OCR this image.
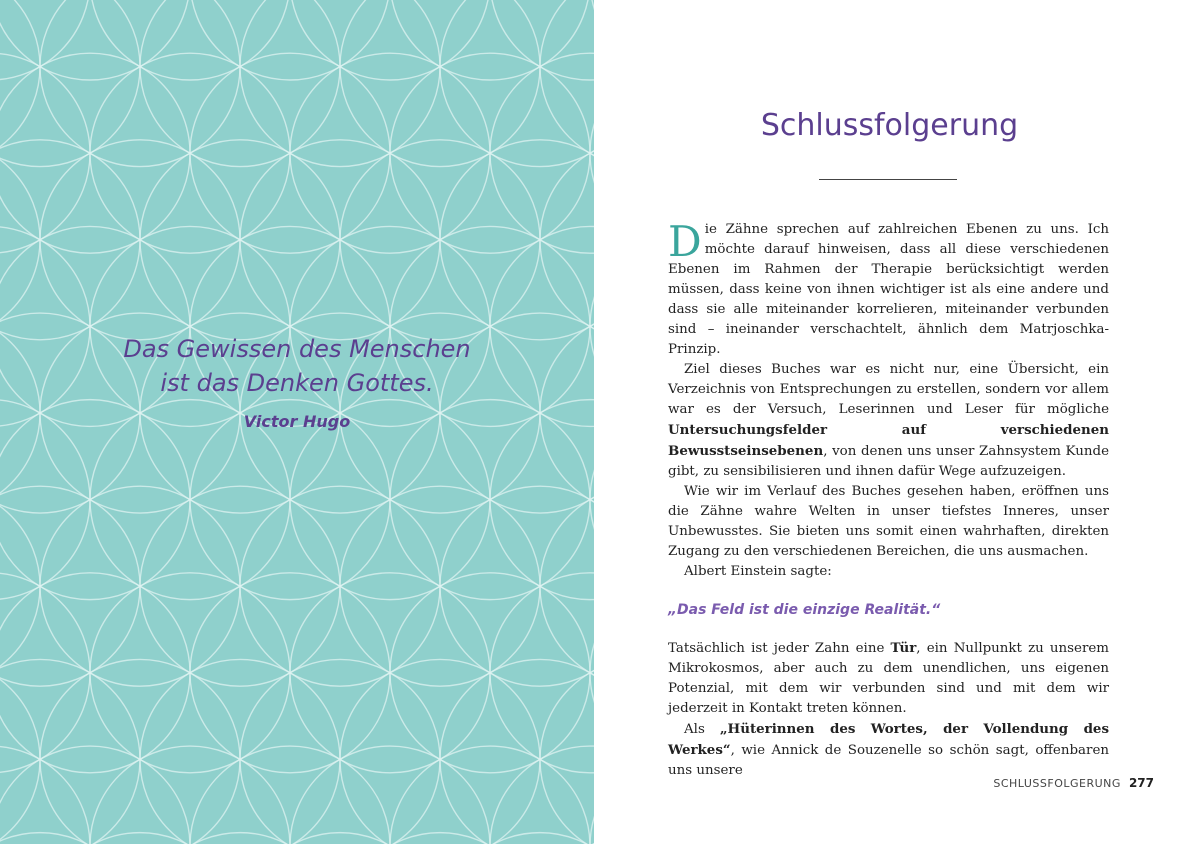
Das Gewissen des Menschen
ist das Denken Gottes.
Victor Hugo
Schlussfolgerung

Die Zähne sprechen auf zahlreichen Ebenen zu uns. Ich möchte darauf hinweisen, dass all diese verschiedenen Ebenen im Rahmen der Therapie berücksichtigt werden müssen, dass keine von ihnen wichtiger ist als eine andere und dass sie alle miteinander korrelieren, miteinander verbunden sind – ineinander verschachtelt, ähnlich dem Matrjoschka-Prinzip.

Ziel dieses Buches war es nicht nur, eine Übersicht, ein Verzeichnis von Entsprechungen zu erstellen, sondern vor allem war es der Versuch, Leserinnen und Leser für mögliche Untersuchungsfelder auf verschiedenen Bewusstseinsebenen, von denen uns unser Zahnsystem Kunde gibt, zu sensibilisieren und ihnen dafür Wege aufzuzeigen.

Wie wir im Verlauf des Buches gesehen haben, eröffnen uns die Zähne wahre Welten in unser tiefstes Inneres, unser Unbewusstes. Sie bieten uns somit einen wahrhaften, direkten Zugang zu den verschiedenen Bereichen, die uns ausmachen.

Albert Einstein sagte:

„Das Feld ist die einzige Realität.“

Tatsächlich ist jeder Zahn eine Tür, ein Nullpunkt zu unserem Mikrokosmos, aber auch zu dem unendlichen, uns eigenen Potenzial, mit dem wir verbunden sind und mit dem wir jederzeit in Kontakt treten können.

Als „Hüterinnen des Wortes, der Vollendung des Werkes“, wie Annick de Souzenelle so schön sagt, offenbaren uns unsere

SCHLUSSFOLGERUNG 277
